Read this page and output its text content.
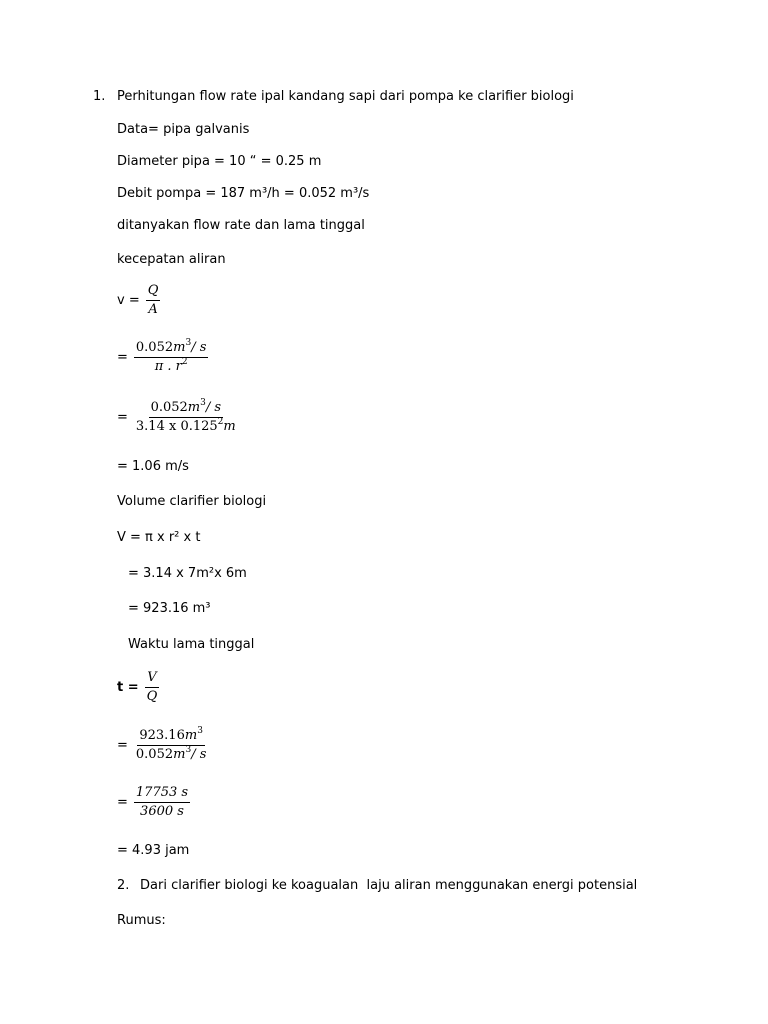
1. Perhitungan flow rate ipal kandang sapi dari pompa ke clarifier biologi
Data= pipa galvanis
Diameter pipa = 10 “ = 0.25 m
Debit pompa = 187 m³/h = 0.052 m³/s
ditanyakan flow rate dan lama tinggal
kecepatan aliran
$v = \frac{Q}{A}$
= $\frac{0.052m^3/ s}{\pi . r^2}$
= $\frac{0.052m^3/ s}{3.14 x 0.125^2m}$
= 1.06 m/s
Volume clarifier biologi
V = π x r² x t
= 3.14 x 7m²x 6m
= 923.16 m³
Waktu lama tinggal
$t = \frac{V}{Q}$
= $\frac{923.16m^3}{0.052m^3/ s}$
= $\frac{17753 s}{3600 s}$
= 4.93 jam
2. Dari clarifier biologi ke koagualan  laju aliran menggunakan energi potensial
Rumus:
